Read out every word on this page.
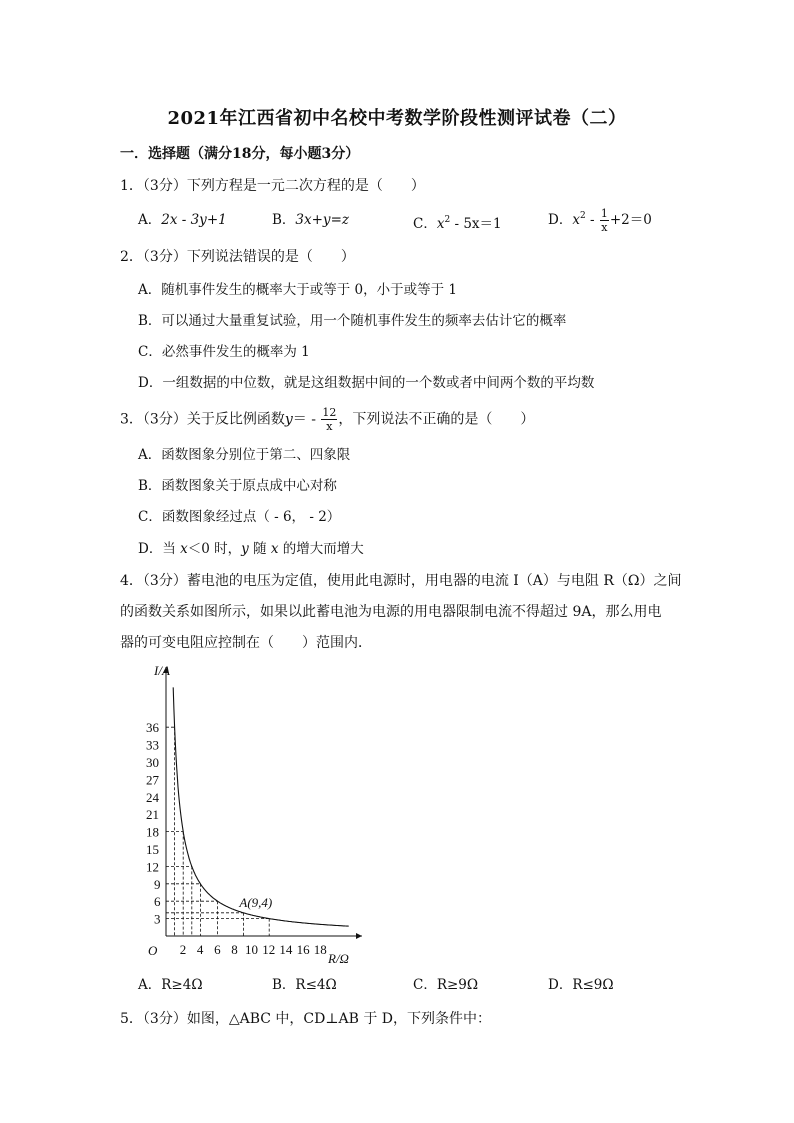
2021年江西省初中名校中考数学阶段性测评试卷（二）
一．选择题（满分18分，每小题3分）
1．（3分）下列方程是一元二次方程的是（　　）
A．2x - 3y+1	B．3x+y=z	C．$x^2 - 5x=1$	D．$x^2 - \frac{1}{x} +2=0$
2．（3分）下列说法错误的是（　　）
A．随机事件发生的概率大于或等于 0，小于或等于 1
B．可以通过大量重复试验，用一个随机事件发生的频率去估计它的概率
C．必然事件发生的概率为 1
D．一组数据的中位数，就是这组数据中间的一个数或者中间两个数的平均数
3．（3分）关于反比例函数$y= - \frac{12}{x}$ ，下列说法不正确的是（　　）
A．函数图象分别位于第二、四象限
B．函数图象关于原点成中心对称
C．函数图象经过点（ - 6， - 2）
D．当 x＜0 时，y 随 x 的增大而增大
4．（3分）蓄电池的电压为定值，使用此电源时，用电器的电流 I（A）与电阻 R（Ω）之间
的函数关系如图所示，如果以此蓄电池为电源的用电器限制电流不得超过 9A，那么用电
器的可变电阻应控制在（　　）范围内．
2 4 6 8 10 12 14 16 18
3
6
9
12
15
18
21
24
27
30
33
36
I/A
R/Ω
O
A(9,4)
A．R≥4Ω	B．R≤4Ω	C．R≥9Ω	D．R≤9Ω
5．（3分）如图，△ABC 中，CD⊥AB 于 D，下列条件中：
